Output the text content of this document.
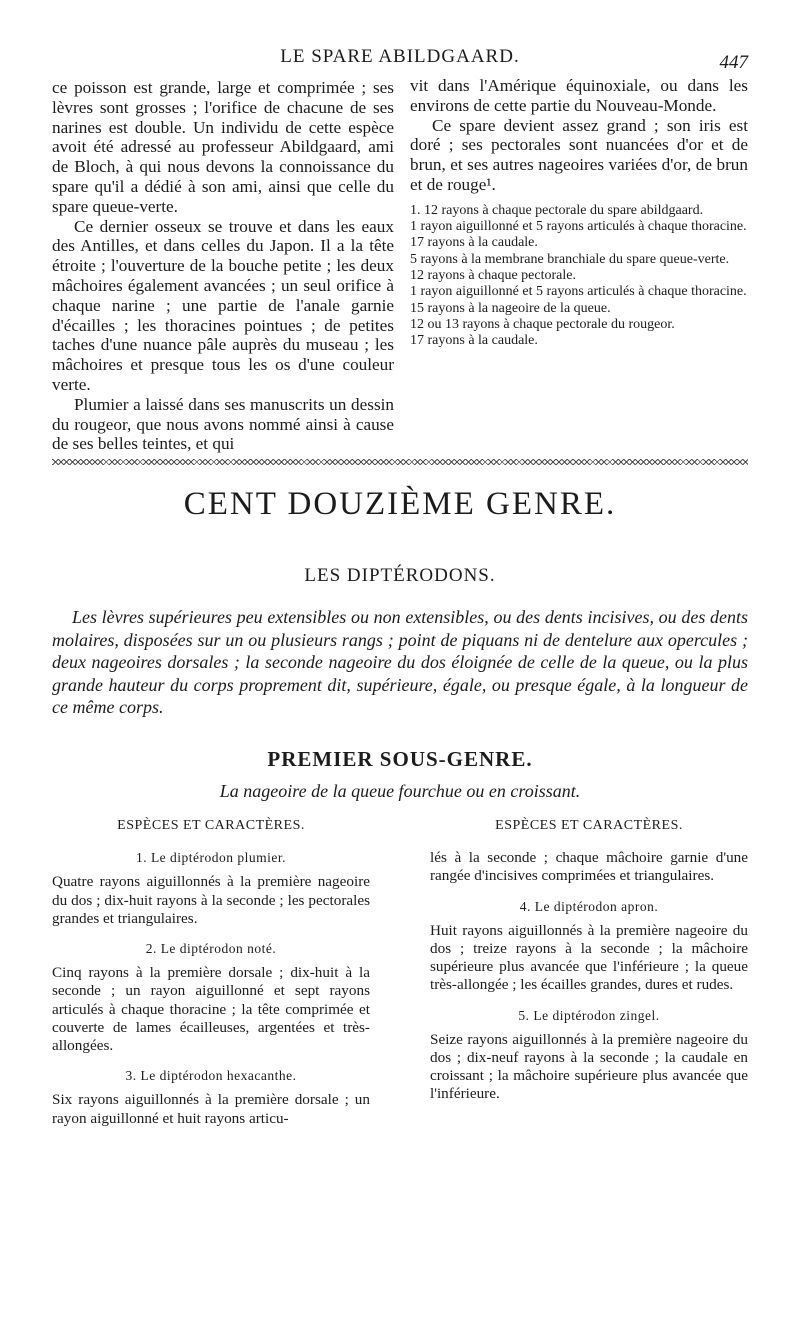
LE SPARE ABILDGAARD.	447

ce poisson est grande, large et comprimée ; ses lèvres sont grosses ; l'orifice de chacune de ses narines est double. Un individu de cette espèce avoit été adressé au professeur Abildgaard, ami de Bloch, à qui nous devons la connoissance du spare qu'il a dédié à son ami, ainsi que celle du spare queue-verte.

Ce dernier osseux se trouve et dans les eaux des Antilles, et dans celles du Japon. Il a la tête étroite ; l'ouverture de la bouche petite ; les deux mâchoires également avancées ; un seul orifice à chaque narine ; une partie de l'anale garnie d'écailles ; les thoracines pointues ; de petites taches d'une nuance pâle auprès du museau ; les mâchoires et presque tous les os d'une couleur verte.

Plumier a laissé dans ses manuscrits un dessin du rougeor, que nous avons nommé ainsi à cause de ses belles teintes, et qui

vit dans l'Amérique équinoxiale, ou dans les environs de cette partie du Nouveau-Monde.

Ce spare devient assez grand ; son iris est doré ; ses pectorales sont nuancées d'or et de brun, et ses autres nageoires variées d'or, de brun et de rouge¹.

1. 12 rayons à chaque pectorale du spare abildgaard.

1 rayon aiguillonné et 5 rayons articulés à chaque thoracine.

17 rayons à la caudale.

5 rayons à la membrane branchiale du spare queue-verte.

12 rayons à chaque pectorale.

1 rayon aiguillonné et 5 rayons articulés à chaque thoracine.

15 rayons à la nageoire de la queue.

12 ou 13 rayons à chaque pectorale du rougeor.

17 rayons à la caudale.

CENT DOUZIÈME GENRE.
LES DIPTÉRODONS.

Les lèvres supérieures peu extensibles ou non extensibles, ou des dents incisives, ou des dents molaires, disposées sur un ou plusieurs rangs ; point de piquans ni de dentelure aux opercules ; deux nageoires dorsales ; la seconde nageoire du dos éloignée de celle de la queue, ou la plus grande hauteur du corps proprement dit, supérieure, égale, ou presque égale, à la longueur de ce même corps.

PREMIER SOUS-GENRE.
La nageoire de la queue fourchue ou en croissant.
ESPÈCES ET CARACTÈRES.
1. Le diptérodon plumier.

Quatre rayons aiguillonnés à la première nageoire du dos ; dix-huit rayons à la seconde ; les pectorales grandes et triangulaires.

2. Le diptérodon noté.

Cinq rayons à la première dorsale ; dix-huit à la seconde ; un rayon aiguillonné et sept rayons articulés à chaque thoracine ; la tête comprimée et couverte de lames écailleuses, argentées et très-allongées.

3. Le diptérodon hexacanthe.

Six rayons aiguillonnés à la première dorsale ; un rayon aiguillonné et huit rayons articu-

ESPÈCES ET CARACTÈRES.

lés à la seconde ; chaque mâchoire garnie d'une rangée d'incisives comprimées et triangulaires.

4. Le diptérodon apron.

Huit rayons aiguillonnés à la première nageoire du dos ; treize rayons à la seconde ; la mâchoire supérieure plus avancée que l'inférieure ; la queue très-allongée ; les écailles grandes, dures et rudes.

5. Le diptérodon zingel.

Seize rayons aiguillonnés à la première nageoire du dos ; dix-neuf rayons à la seconde ; la caudale en croissant ; la mâchoire supérieure plus avancée que l'inférieure.
